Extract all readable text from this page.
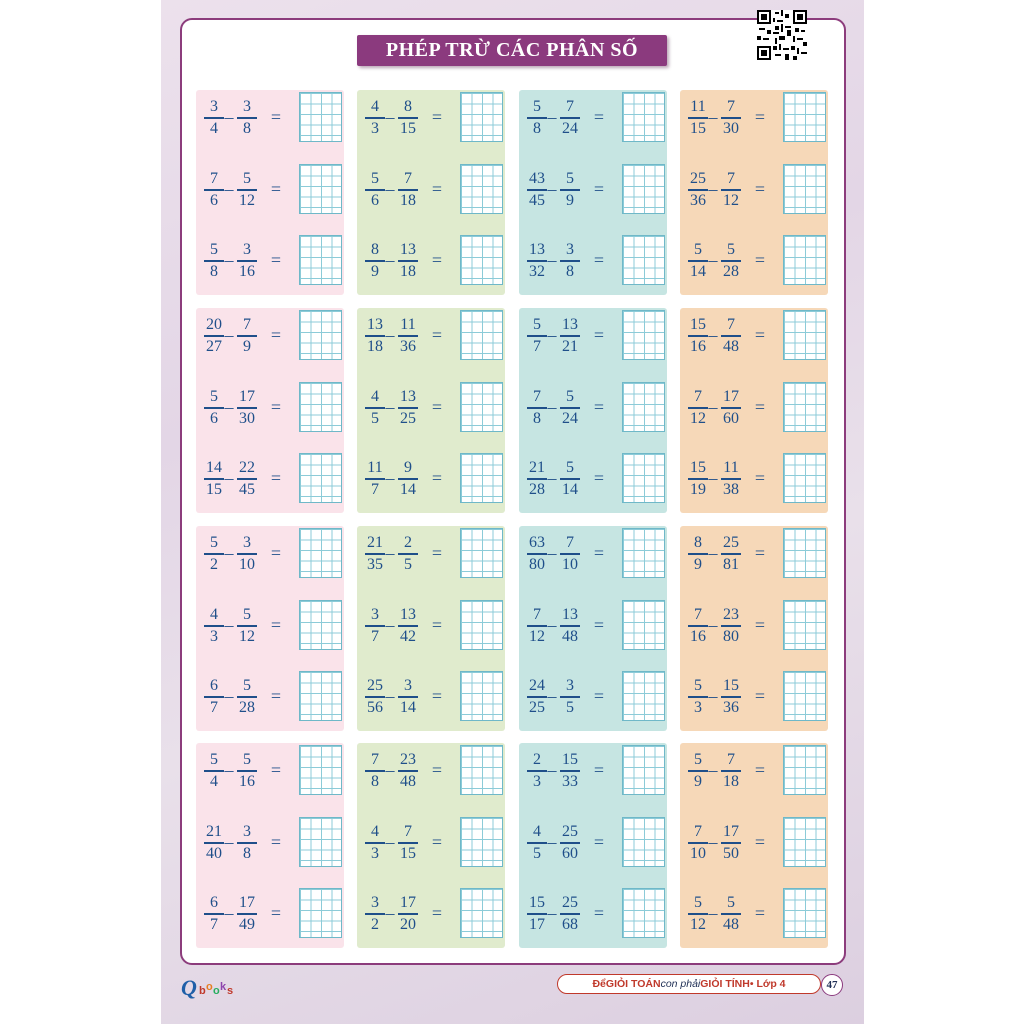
PHÉP TRỪ CÁC PHÂN SỐ
3
4
3
8
– =
7
6
5
12
– =
5
8
3
16
– =
4
3
8
15
– =
5
6
7
18
– =
8
9
13
18
– =
5
8
7
24
– =
43
45
5
9
– =
13
32
3
8
– =
11
15
7
30
– =
25
36
7
12
– =
5
14
5
28
– =
20
27
7
9
– =
5
6
17
30
– =
14
15
22
45
– =
13
18
11
36
– =
4
5
13
25
– =
11
7
9
14
– =
5
7
13
21
– =
7
8
5
24
– =
21
28
5
14
– =
15
16
7
48
– =
7
12
17
60
– =
15
19
11
38
– =
5
2
3
10
– =
4
3
5
12
– =
6
7
5
28
– =
21
35
2
5
– =
3
7
13
42
– =
25
56
3
14
– =
63
80
7
10
– =
7
12
13
48
– =
24
25
3
5
– =
8
9
25
81
– =
7
16
23
80
– =
5
3
15
36
– =
5
4
5
16
– =
21
40
3
8
– =
6
7
17
49
– =
7
8
23
48
– =
4
3
7
15
– =
3
2
17
20
– =
2
3
15
33
– =
4
5
25
60
– =
15
17
25
68
– =
5
9
7
18
– =
7
10
17
50
– =
5
12
5
48
– =
Q b o o k s
Để GIỎI TOÁN con phải GIỎI TÍNH • Lớp 4	47
